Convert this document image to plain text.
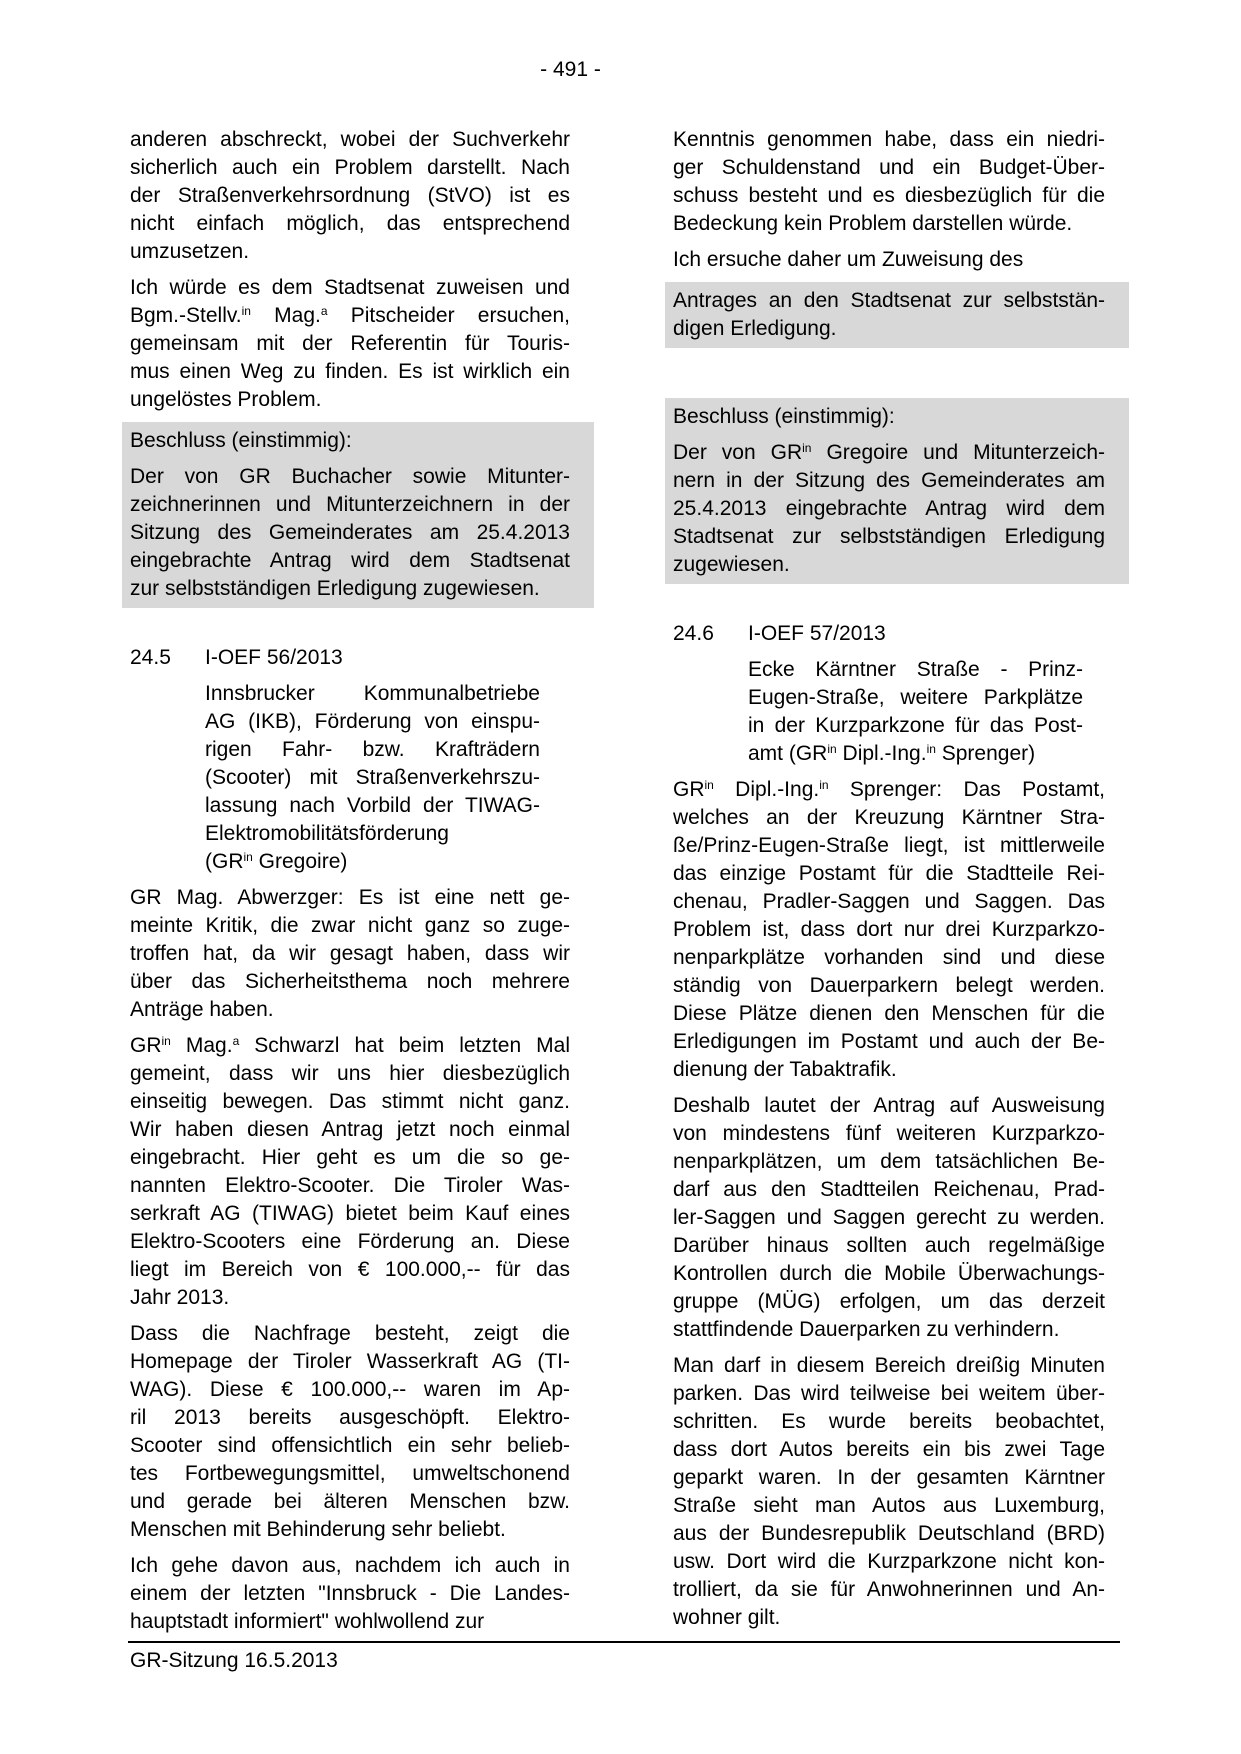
- 491 -
anderen abschreckt, wobei der Suchverkehr
sicherlich auch ein Problem darstellt. Nach
der Straßenverkehrsordnung (StVO) ist es
nicht einfach möglich, das entsprechend
umzusetzen.
Ich würde es dem Stadtsenat zuweisen und
Bgm.-Stellv.$^{in}$ Mag.$^a$ Pitscheider ersuchen,
gemeinsam mit der Referentin für Touris-
mus einen Weg zu finden. Es ist wirklich ein
ungelöstes Problem.
Beschluss (einstimmig):
Der von GR Buchacher sowie Mitunter-
zeichnerinnen und Mitunterzeichnern in der
Sitzung des Gemeinderates am 25.4.2013
eingebrachte Antrag wird dem Stadtsenat
zur selbstständigen Erledigung zugewiesen.
24.5	I-OEF 56/2013
Innsbrucker Kommunalbetriebe
AG (IKB), Förderung von einspu-
rigen Fahr- bzw. Krafträdern
(Scooter) mit Straßenverkehrszu-
lassung nach Vorbild der TIWAG-
Elektromobilitätsförderung
($GR^{in}$ Gregoire)
GR Mag. Abwerzger: Es ist eine nett ge-
meinte Kritik, die zwar nicht ganz so zuge-
troffen hat, da wir gesagt haben, dass wir
über das Sicherheitsthema noch mehrere
Anträge haben.
$GR^{in}$ Mag.$^a$ Schwarzl hat beim letzten Mal
gemeint, dass wir uns hier diesbezüglich
einseitig bewegen. Das stimmt nicht ganz.
Wir haben diesen Antrag jetzt noch einmal
eingebracht. Hier geht es um die so ge-
nannten Elektro-Scooter. Die Tiroler Was-
serkraft AG (TIWAG) bietet beim Kauf eines
Elektro-Scooters eine Förderung an. Diese
liegt im Bereich von € 100.000,-- für das
Jahr 2013.
Dass die Nachfrage besteht, zeigt die
Homepage der Tiroler Wasserkraft AG (TI-
WAG). Diese € 100.000,-- waren im Ap-
ril 2013 bereits ausgeschöpft. Elektro-
Scooter sind offensichtlich ein sehr belieb-
tes Fortbewegungsmittel, umweltschonend
und gerade bei älteren Menschen bzw.
Menschen mit Behinderung sehr beliebt.
Ich gehe davon aus, nachdem ich auch in
einem der letzten "Innsbruck - Die Landes-
hauptstadt informiert" wohlwollend zur
Kenntnis genommen habe, dass ein niedri-
ger Schuldenstand und ein Budget-Über-
schuss besteht und es diesbezüglich für die
Bedeckung kein Problem darstellen würde.
Ich ersuche daher um Zuweisung des
Antrages an den Stadtsenat zur selbststän-
digen Erledigung.
Beschluss (einstimmig):
Der von $GR^{in}$ Gregoire und Mitunterzeich-
nern in der Sitzung des Gemeinderates am
25.4.2013 eingebrachte Antrag wird dem
Stadtsenat zur selbstständigen Erledigung
zugewiesen.
24.6	I-OEF 57/2013
Ecke Kärntner Straße - Prinz-
Eugen-Straße, weitere Parkplätze
in der Kurzparkzone für das Post-
amt ($GR^{in}$ Dipl.-Ing.$^{in}$ Sprenger)
$GR^{in}$ Dipl.-Ing.$^{in}$ Sprenger: Das Postamt,
welches an der Kreuzung Kärntner Stra-
ße/Prinz-Eugen-Straße liegt, ist mittlerweile
das einzige Postamt für die Stadtteile Rei-
chenau, Pradler-Saggen und Saggen. Das
Problem ist, dass dort nur drei Kurzparkzo-
nenparkplätze vorhanden sind und diese
ständig von Dauerparkern belegt werden.
Diese Plätze dienen den Menschen für die
Erledigungen im Postamt und auch der Be-
dienung der Tabaktrafik.
Deshalb lautet der Antrag auf Ausweisung
von mindestens fünf weiteren Kurzparkzo-
nenparkplätzen, um dem tatsächlichen Be-
darf aus den Stadtteilen Reichenau, Prad-
ler-Saggen und Saggen gerecht zu werden.
Darüber hinaus sollten auch regelmäßige
Kontrollen durch die Mobile Überwachungs-
gruppe (MÜG) erfolgen, um das derzeit
stattfindende Dauerparken zu verhindern.
Man darf in diesem Bereich dreißig Minuten
parken. Das wird teilweise bei weitem über-
schritten. Es wurde bereits beobachtet,
dass dort Autos bereits ein bis zwei Tage
geparkt waren. In der gesamten Kärntner
Straße sieht man Autos aus Luxemburg,
aus der Bundesrepublik Deutschland (BRD)
usw. Dort wird die Kurzparkzone nicht kon-
trolliert, da sie für Anwohnerinnen und An-
wohner gilt.
GR-Sitzung 16.5.2013
